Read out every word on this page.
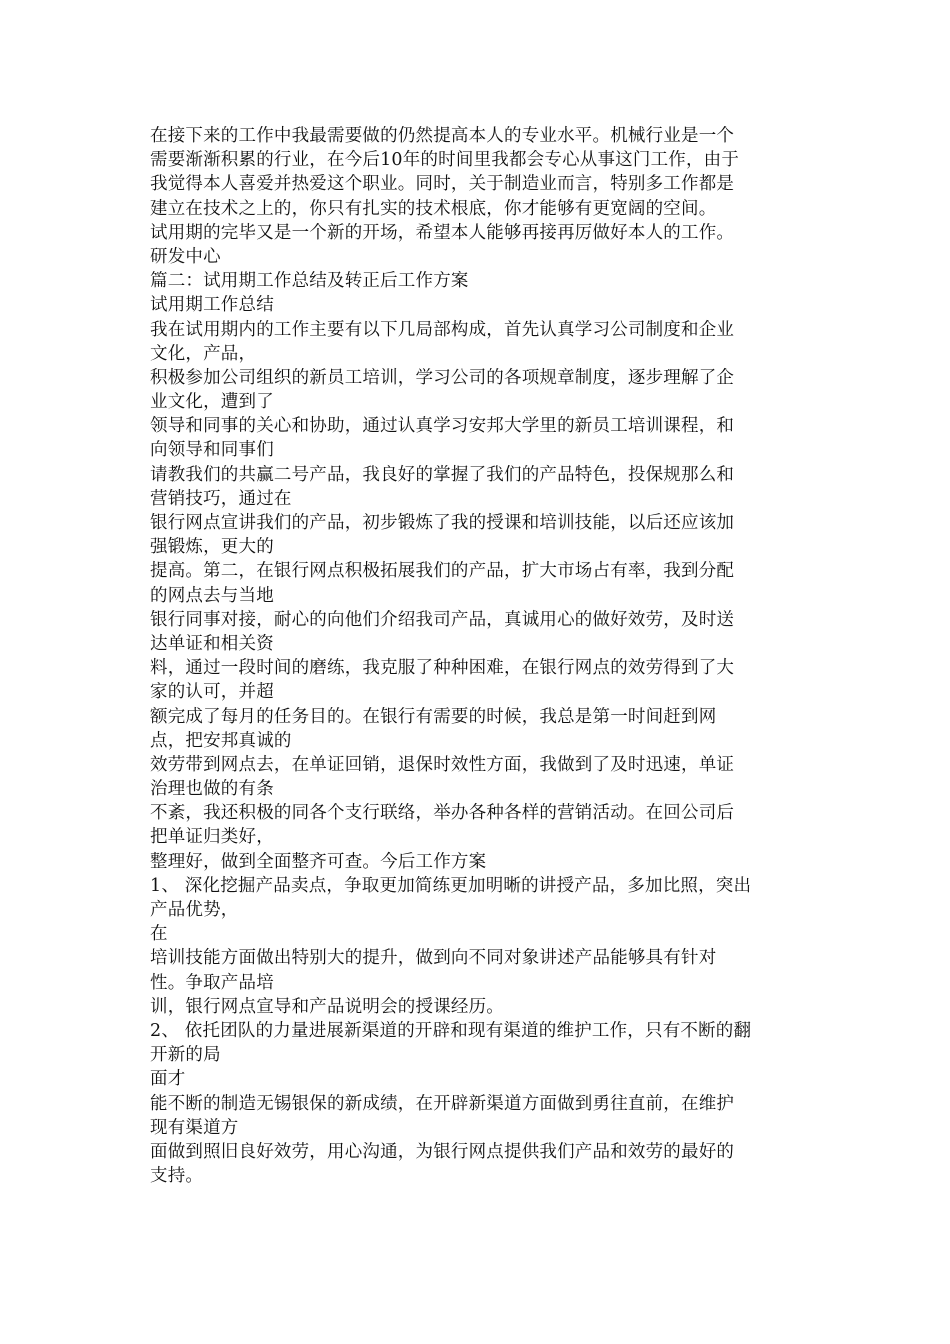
在接下来的工作中我最需要做的仍然提高本人的专业水平。机械行业是一个
需要渐渐积累的行业，在今后10年的时间里我都会专心从事这门工作，由于
我觉得本人喜爱并热爱这个职业。同时，关于制造业而言，特别多工作都是
建立在技术之上的，你只有扎实的技术根底，你才能够有更宽阔的空间。
试用期的完毕又是一个新的开场，希望本人能够再接再厉做好本人的工作。
研发中心
篇二：试用期工作总结及转正后工作方案
试用期工作总结
我在试用期内的工作主要有以下几局部构成，首先认真学习公司制度和企业
文化，产品，
积极参加公司组织的新员工培训，学习公司的各项规章制度，逐步理解了企
业文化，遭到了
领导和同事的关心和协助，通过认真学习安邦大学里的新员工培训课程，和
向领导和同事们
请教我们的共赢二号产品，我良好的掌握了我们的产品特色，投保规那么和
营销技巧，通过在
银行网点宣讲我们的产品，初步锻炼了我的授课和培训技能，以后还应该加
强锻炼，更大的
提高。第二，在银行网点积极拓展我们的产品，扩大市场占有率，我到分配
的网点去与当地
银行同事对接，耐心的向他们介绍我司产品，真诚用心的做好效劳，及时送
达单证和相关资
料，通过一段时间的磨练，我克服了种种困难，在银行网点的效劳得到了大
家的认可，并超
额完成了每月的任务目的。在银行有需要的时候，我总是第一时间赶到网
点，把安邦真诚的
效劳带到网点去，在单证回销，退保时效性方面，我做到了及时迅速，单证
治理也做的有条
不紊，我还积极的同各个支行联络，举办各种各样的营销活动。在回公司后
把单证归类好，
整理好，做到全面整齐可查。今后工作方案
1、 深化挖掘产品卖点，争取更加简练更加明晰的讲授产品，多加比照，突出
产品优势，
在
培训技能方面做出特别大的提升，做到向不同对象讲述产品能够具有针对
性。争取产品培
训，银行网点宣导和产品说明会的授课经历。
2、 依托团队的力量进展新渠道的开辟和现有渠道的维护工作，只有不断的翻
开新的局
面才
能不断的制造无锡银保的新成绩，在开辟新渠道方面做到勇往直前，在维护
现有渠道方
面做到照旧良好效劳，用心沟通，为银行网点提供我们产品和效劳的最好的
支持。
